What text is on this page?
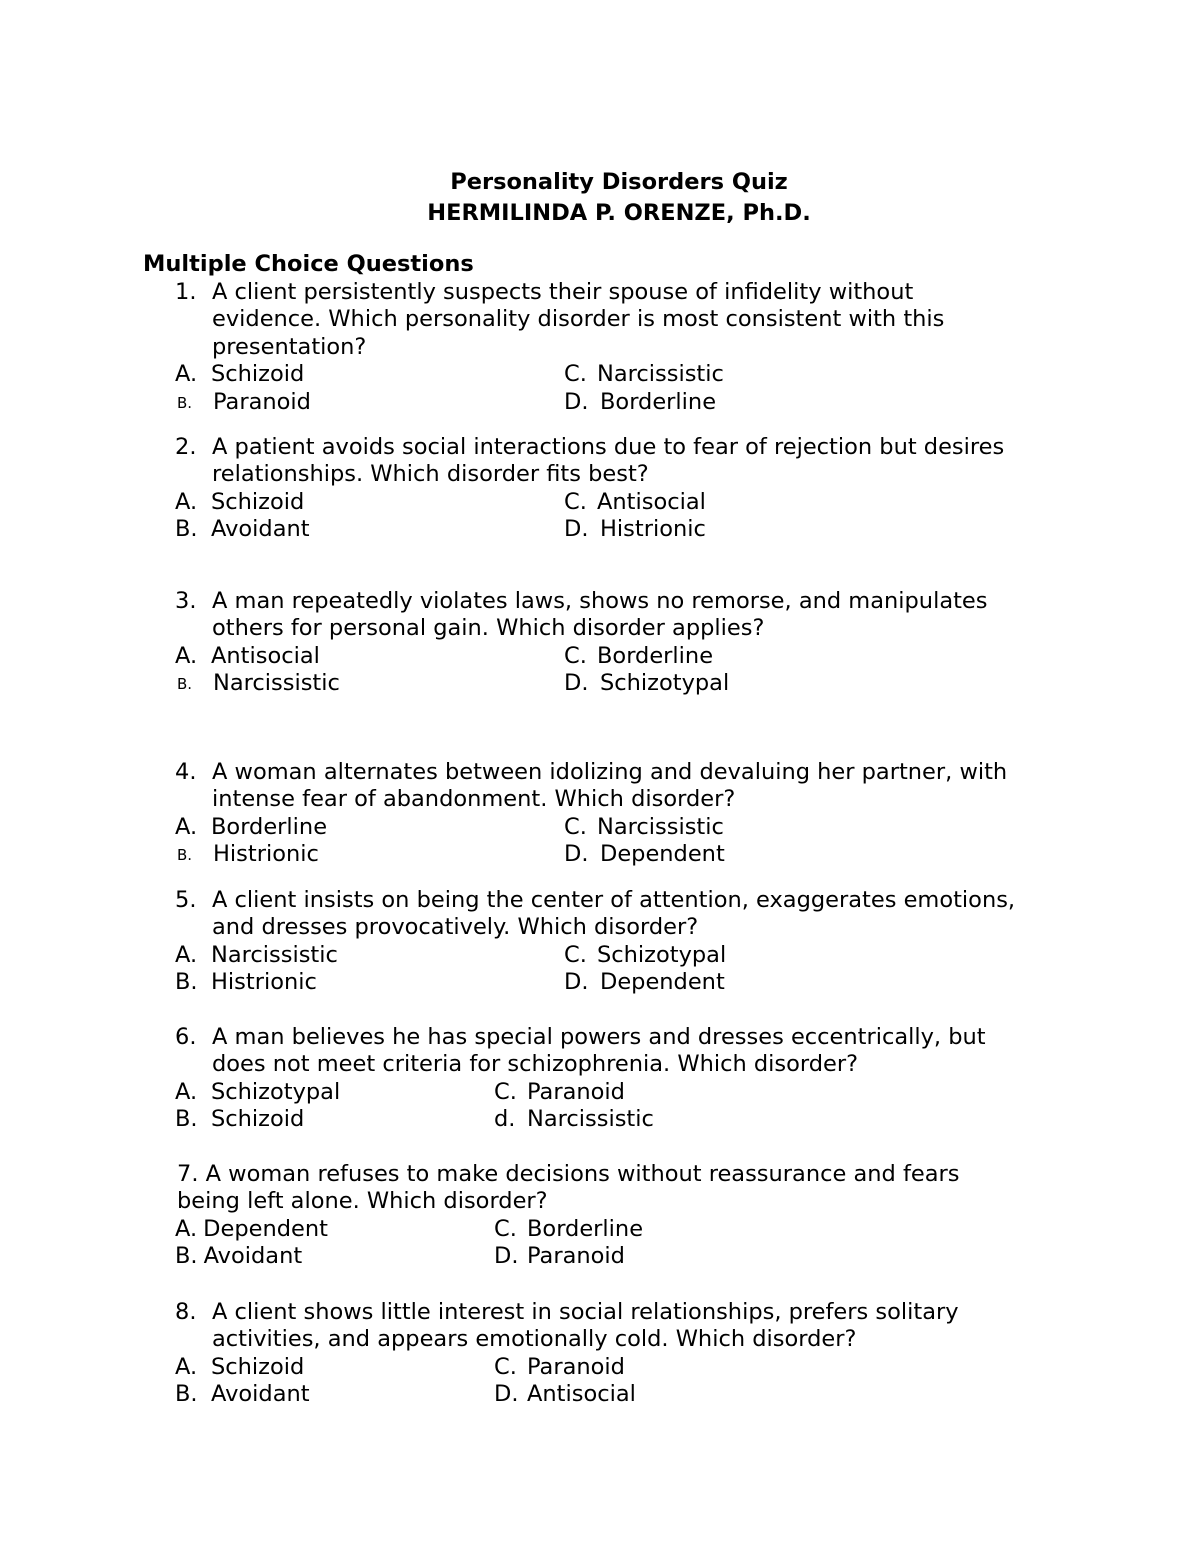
Personality Disorders Quiz
HERMILINDA P. ORENZE, Ph.D.
Multiple Choice Questions
1. A client persistently suspects their spouse of infidelity without
evidence. Which personality disorder is most consistent with this
presentation?
A. Schizoid	C. Narcissistic
B. Paranoid	D. Borderline
2. A patient avoids social interactions due to fear of rejection but desires
relationships. Which disorder fits best?
A. Schizoid	C. Antisocial
B. Avoidant	D. Histrionic
3. A man repeatedly violates laws, shows no remorse, and manipulates
others for personal gain. Which disorder applies?
A. Antisocial	C. Borderline
B. Narcissistic	D. Schizotypal
4. A woman alternates between idolizing and devaluing her partner, with
intense fear of abandonment. Which disorder?
A. Borderline	C. Narcissistic
B. Histrionic	D. Dependent
5. A client insists on being the center of attention, exaggerates emotions,
and dresses provocatively. Which disorder?
A. Narcissistic	C. Schizotypal
B. Histrionic	D. Dependent
6. A man believes he has special powers and dresses eccentrically, but
does not meet criteria for schizophrenia. Which disorder?
A. Schizotypal	C. Paranoid
B. Schizoid	d. Narcissistic
7. A woman refuses to make decisions without reassurance and fears
being left alone. Which disorder?
A. Dependent	C. Borderline
B. Avoidant	D. Paranoid
8. A client shows little interest in social relationships, prefers solitary
activities, and appears emotionally cold. Which disorder?
A. Schizoid	C. Paranoid
B. Avoidant	D. Antisocial
